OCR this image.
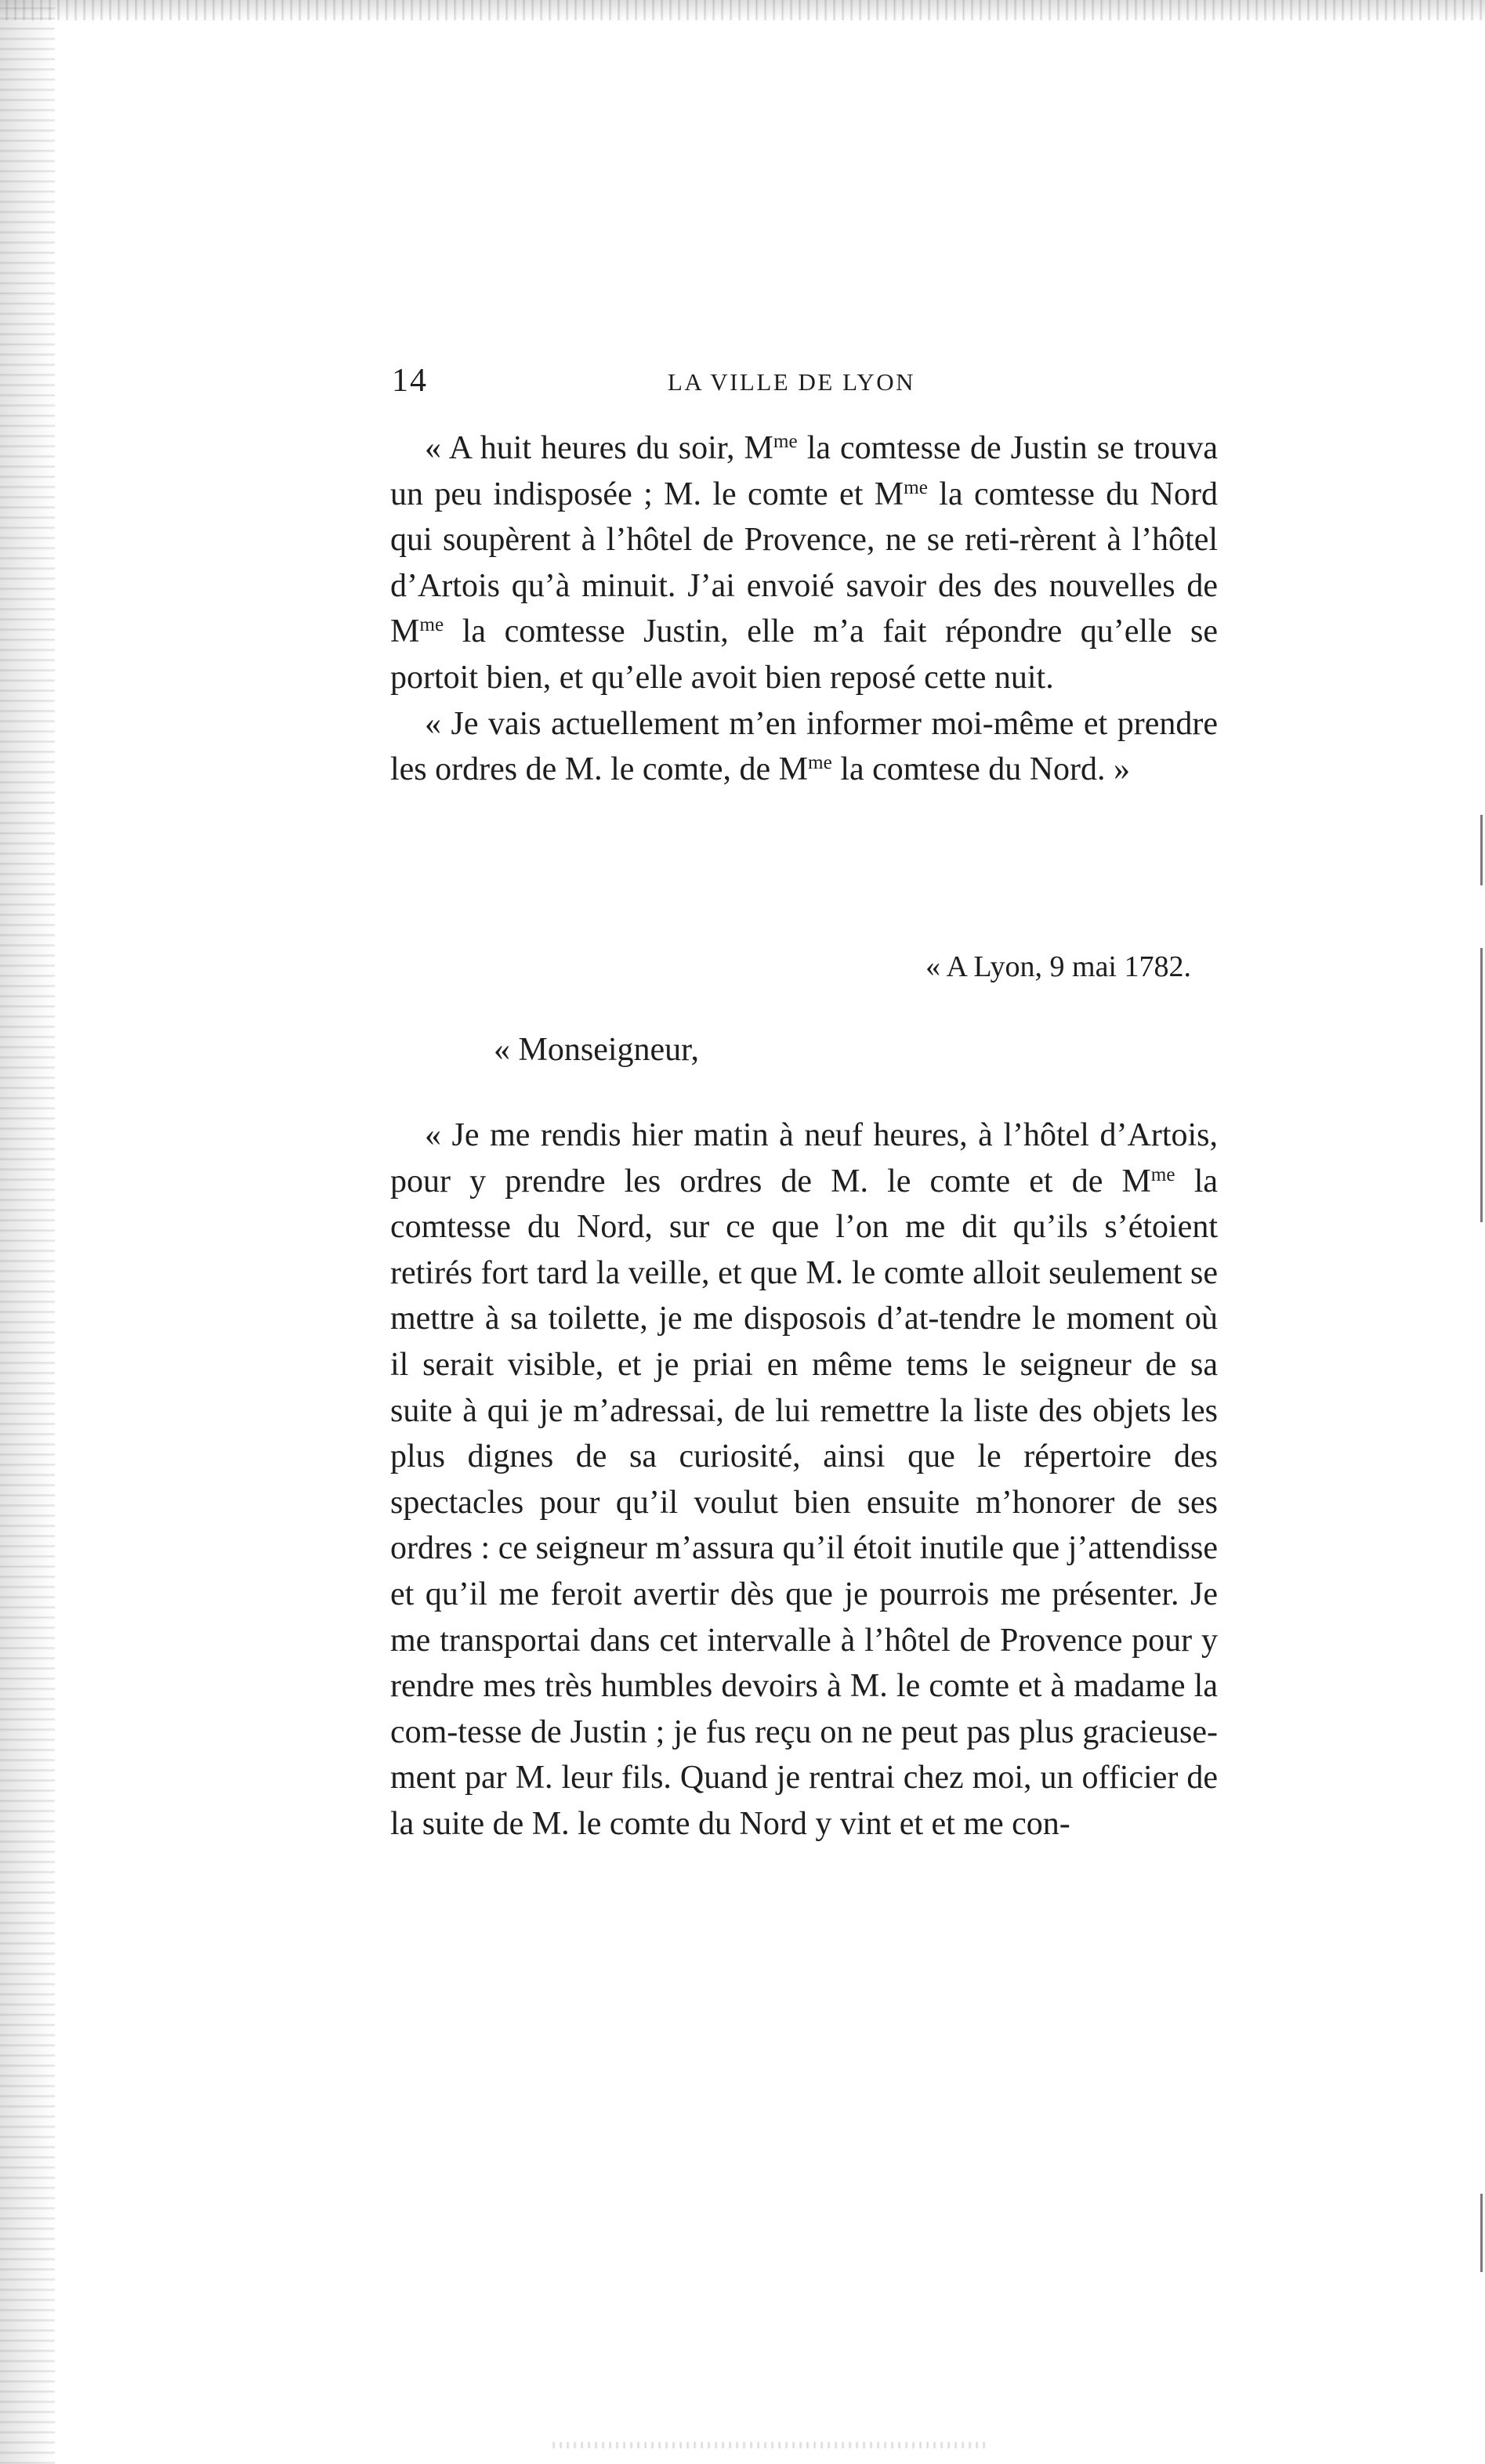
14	LA VILLE DE LYON

« A huit heures du soir, $M^{me}$ la comtesse de Justin se trouva un peu indisposée ; M. le comte et $M^{me}$ la comtesse du Nord qui soupèrent à l’hôtel de Provence, ne se reti-rèrent à l’hôtel d’Artois qu’à minuit. J’ai envoié savoir des des nouvelles de $M^{me}$ la comtesse Justin, elle m’a fait répondre qu’elle se portoit bien, et qu’elle avoit bien reposé cette nuit.

« Je vais actuellement m’en informer moi-même et prendre les ordres de M. le comte, de $M^{me}$ la comtese du Nord. »

« A Lyon, 9 mai 1782.
« Monseigneur,

« Je me rendis hier matin à neuf heures, à l’hôtel d’Artois, pour y prendre les ordres de M. le comte et de $M^{me}$ la comtesse du Nord, sur ce que l’on me dit qu’ils s’étoient retirés fort tard la veille, et que M. le comte alloit seulement se mettre à sa toilette, je me disposois d’at-tendre le moment où il serait visible, et je priai en même tems le seigneur de sa suite à qui je m’adressai, de lui remettre la liste des objets les plus dignes de sa curiosité, ainsi que le répertoire des spectacles pour qu’il voulut bien ensuite m’honorer de ses ordres : ce seigneur m’assura qu’il étoit inutile que j’attendisse et qu’il me feroit avertir dès que je pourrois me présenter. Je me transportai dans cet intervalle à l’hôtel de Provence pour y rendre mes très humbles devoirs à M. le comte et à madame la com-tesse de Justin ; je fus reçu on ne peut pas plus gracieuse-ment par M. leur fils. Quand je rentrai chez moi, un officier de la suite de M. le comte du Nord y vint et et me con-
